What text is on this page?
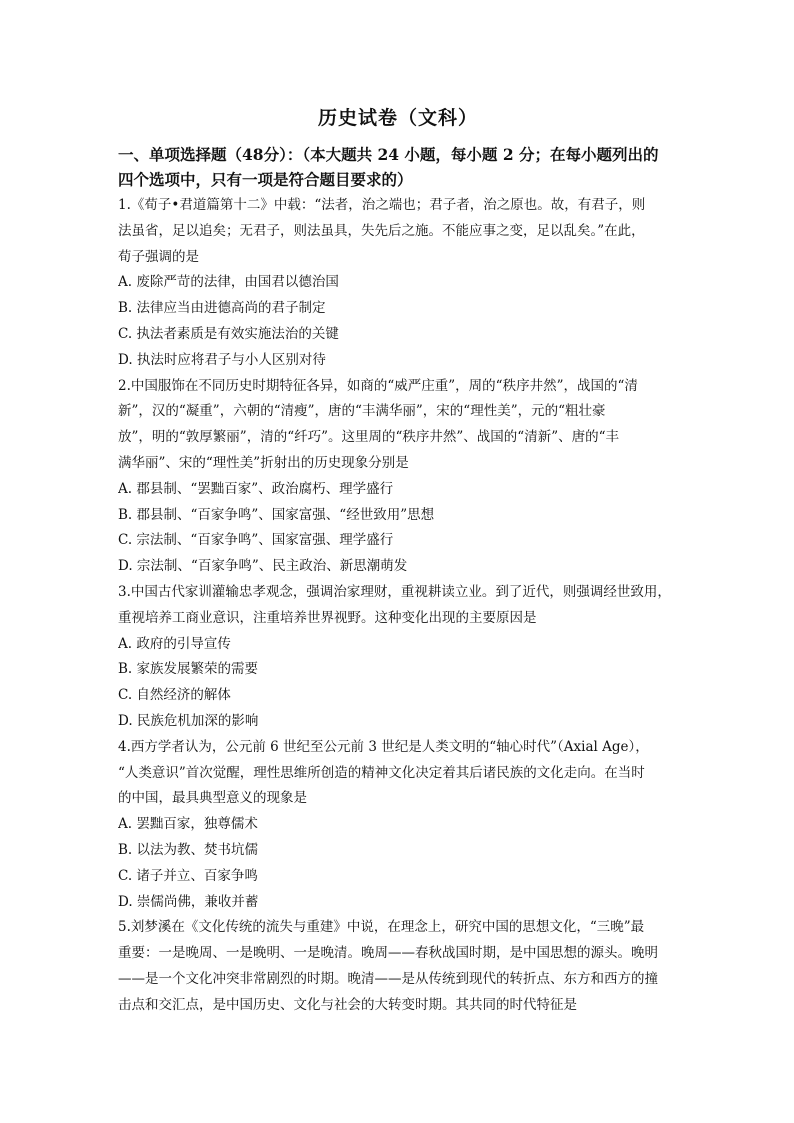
历史试卷（文科）
一、单项选择题（48分）：（本大题共 24 小题，每小题 2 分；在每小题列出的
四个选项中，只有一项是符合题目要求的）
1.《荀子•君道篇第十二》中载：“法者，治之端也；君子者，治之原也。故，有君子，则
法虽省，足以追矣；无君子，则法虽具，失先后之施。不能应事之变，足以乱矣。”在此，
荀子强调的是
A. 废除严苛的法律，由国君以德治国
B. 法律应当由进德高尚的君子制定
C. 执法者素质是有效实施法治的关键
D. 执法时应将君子与小人区别对待
2.中国服饰在不同历史时期特征各异，如商的“威严庄重”，周的“秩序井然”，战国的“清
新”，汉的“凝重”，六朝的“清瘦”，唐的“丰满华丽”，宋的“理性美”，元的“粗壮豪
放”，明的“敦厚繁丽”，清的“纤巧”。这里周的“秩序井然”、战国的“清新”、唐的“丰
满华丽”、宋的“理性美”折射出的历史现象分别是
A. 郡县制、“罢黜百家”、政治腐朽、理学盛行
B. 郡县制、“百家争鸣”、国家富强、“经世致用”思想
C. 宗法制、“百家争鸣”、国家富强、理学盛行
D. 宗法制、“百家争鸣”、民主政治、新思潮萌发
3.中国古代家训灌输忠孝观念，强调治家理财，重视耕读立业。到了近代，则强调经世致用，
重视培养工商业意识，注重培养世界视野。这种变化出现的主要原因是
A. 政府的引导宣传
B. 家族发展繁荣的需要
C. 自然经济的解体
D. 民族危机加深的影响
4.西方学者认为，公元前 6 世纪至公元前 3 世纪是人类文明的“轴心时代”（Axial Age），
“人类意识”首次觉醒，理性思维所创造的精神文化决定着其后诸民族的文化走向。在当时
的中国，最具典型意义的现象是
A. 罢黜百家，独尊儒术
B. 以法为教、焚书坑儒
C. 诸子并立、百家争鸣
D. 崇儒尚佛，兼收并蓄
5.刘梦溪在《文化传统的流失与重建》中说，在理念上，研究中国的思想文化，“三晚”最
重要：一是晚周、一是晚明、一是晚清。晚周——春秋战国时期，是中国思想的源头。晚明
——是一个文化冲突非常剧烈的时期。晚清——是从传统到现代的转折点、东方和西方的撞
击点和交汇点，是中国历史、文化与社会的大转变时期。其共同的时代特征是
